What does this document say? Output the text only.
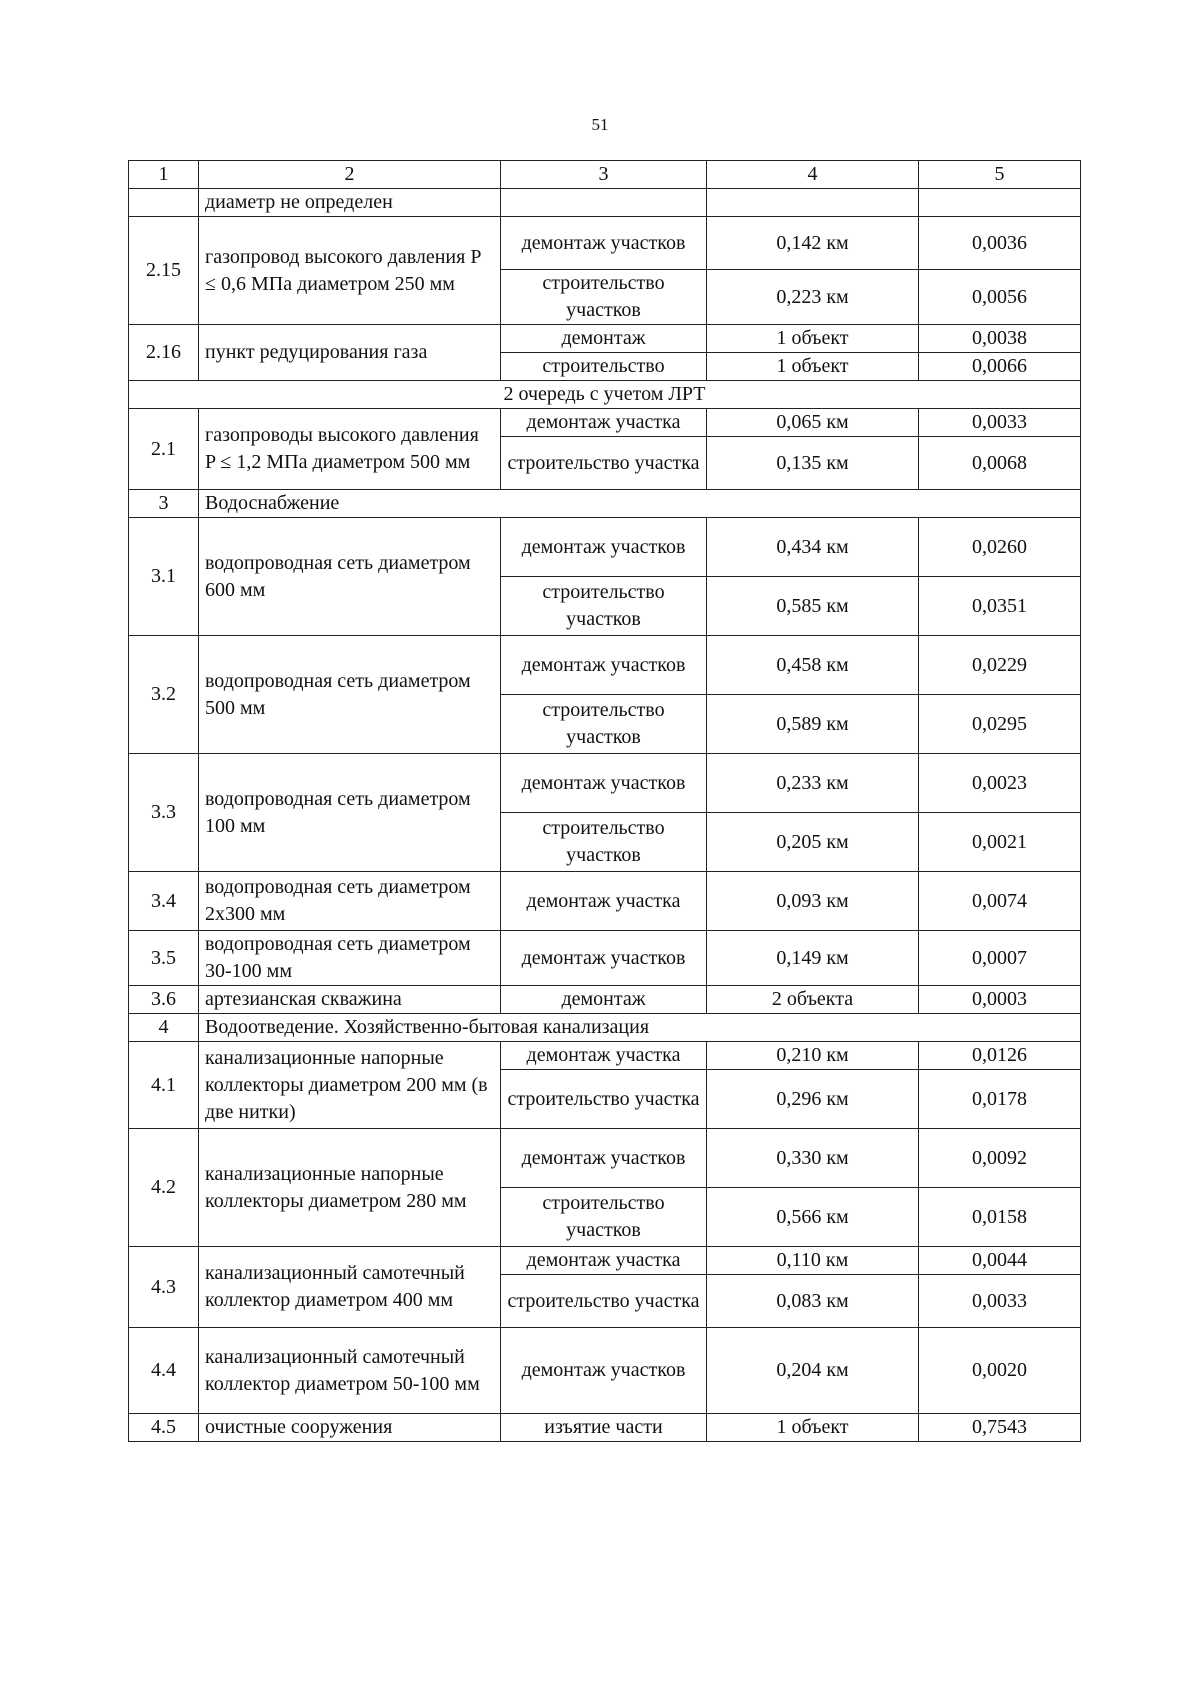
51
1	2	3	4	5
	диаметр не определен			
2.15	газопровод высокого давления P ≤ 0,6 МПа диаметром 250 мм	демонтаж участков	0,142 км	0,0036
		строительство участков	0,223 км	0,0056
2.16	пункт редуцирования газа	демонтаж	1 объект	0,0038
		строительство	1 объект	0,0066
2 очередь с учетом ЛРТ				
2.1	газопроводы высокого давления P ≤ 1,2 МПа диаметром 500 мм	демонтаж участка	0,065 км	0,0033
		строительство участка	0,135 км	0,0068
3	Водоснабжение			
3.1	водопроводная сеть диаметром 600 мм	демонтаж участков	0,434 км	0,0260
		строительство участков	0,585 км	0,0351
3.2	водопроводная сеть диаметром 500 мм	демонтаж участков	0,458 км	0,0229
		строительство участков	0,589 км	0,0295
3.3	водопроводная сеть диаметром 100 мм	демонтаж участков	0,233 км	0,0023
		строительство участков	0,205 км	0,0021
3.4	водопроводная сеть диаметром 2х300 мм	демонтаж участка	0,093 км	0,0074
3.5	водопроводная сеть диаметром 30-100 мм	демонтаж участков	0,149 км	0,0007
3.6	артезианская скважина	демонтаж	2 объекта	0,0003
4	Водоотведение. Хозяйственно-бытовая канализация			
4.1	канализационные напорные коллекторы диаметром 200 мм (в две нитки)	демонтаж участка	0,210 км	0,0126
		строительство участка	0,296 км	0,0178
4.2	канализационные напорные коллекторы диаметром 280 мм	демонтаж участков	0,330 км	0,0092
		строительство участков	0,566 км	0,0158
4.3	канализационный самотечный коллектор диаметром 400 мм	демонтаж участка	0,110 км	0,0044
		строительство участка	0,083 км	0,0033
4.4	канализационный самотечный коллектор диаметром 50-100 мм	демонтаж участков	0,204 км	0,0020
4.5	очистные сооружения	изъятие части	1 объект	0,7543
